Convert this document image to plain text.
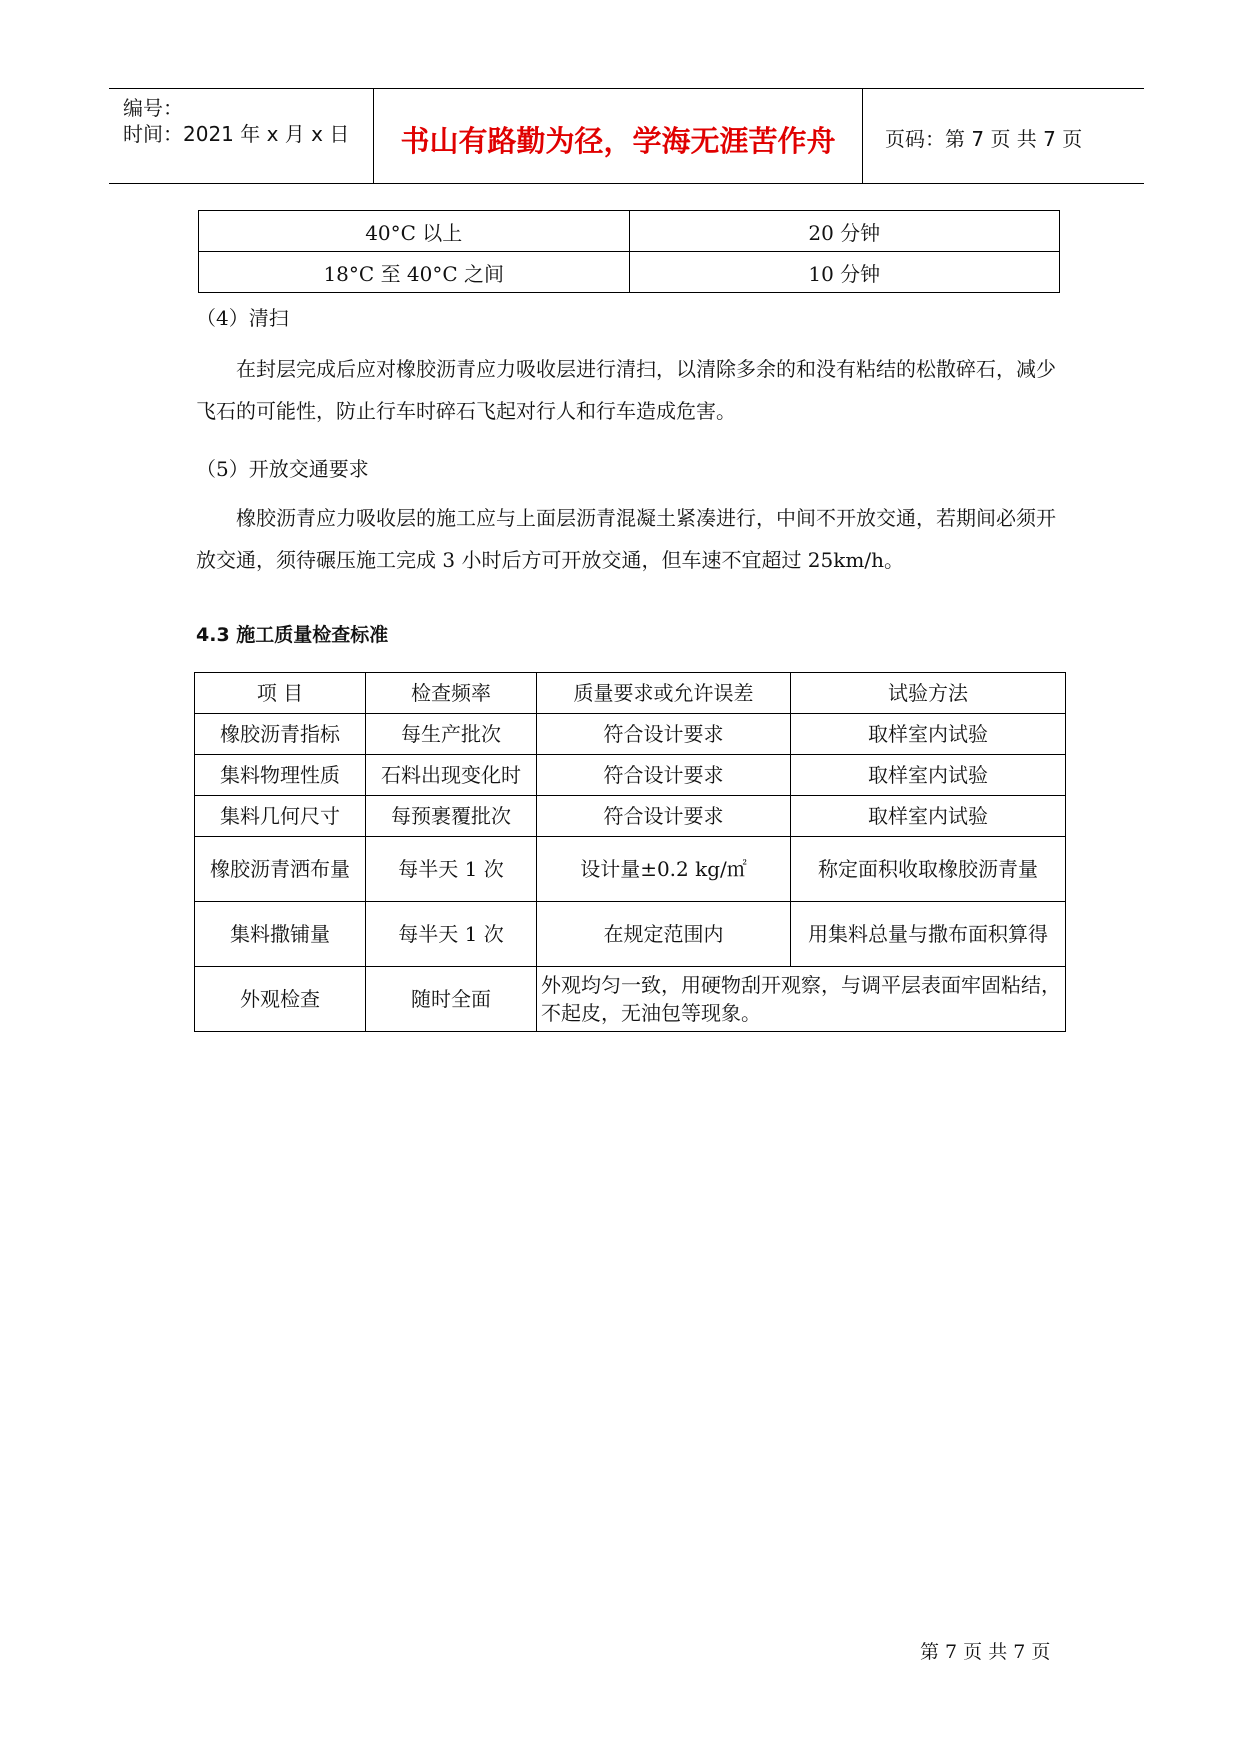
编号：
时间：2021 年 x 月 x 日	书山有路勤为径，学海无涯苦作舟	页码：第 7 页 共 7 页
40°C 以上	20 分钟
18°C 至 40°C 之间	10 分钟
（4）清扫
在封层完成后应对橡胶沥青应力吸收层进行清扫，以清除多余的和没有粘结的松散碎石，减少飞石的可能性，防止行车时碎石飞起对行人和行车造成危害。
（5）开放交通要求
橡胶沥青应力吸收层的施工应与上面层沥青混凝土紧凑进行，中间不开放交通，若期间必须开放交通，须待碾压施工完成 3 小时后方可开放交通，但车速不宜超过 25km/h。
4.3 施工质量检查标准
项 目	检查频率	质量要求或允许误差	试验方法
橡胶沥青指标	每生产批次	符合设计要求	取样室内试验
集料物理性质	石料出现变化时	符合设计要求	取样室内试验
集料几何尺寸	每预裹覆批次	符合设计要求	取样室内试验
橡胶沥青洒布量	每半天 1 次	设计量±0.2 kg/㎡	称定面积收取橡胶沥青量
集料撒铺量	每半天 1 次	在规定范围内	用集料总量与撒布面积算得
外观检查	随时全面	外观均匀一致，用硬物刮开观察，与调平层表面牢固粘结，不起皮，无油包等现象。	
第 7 页 共 7 页
